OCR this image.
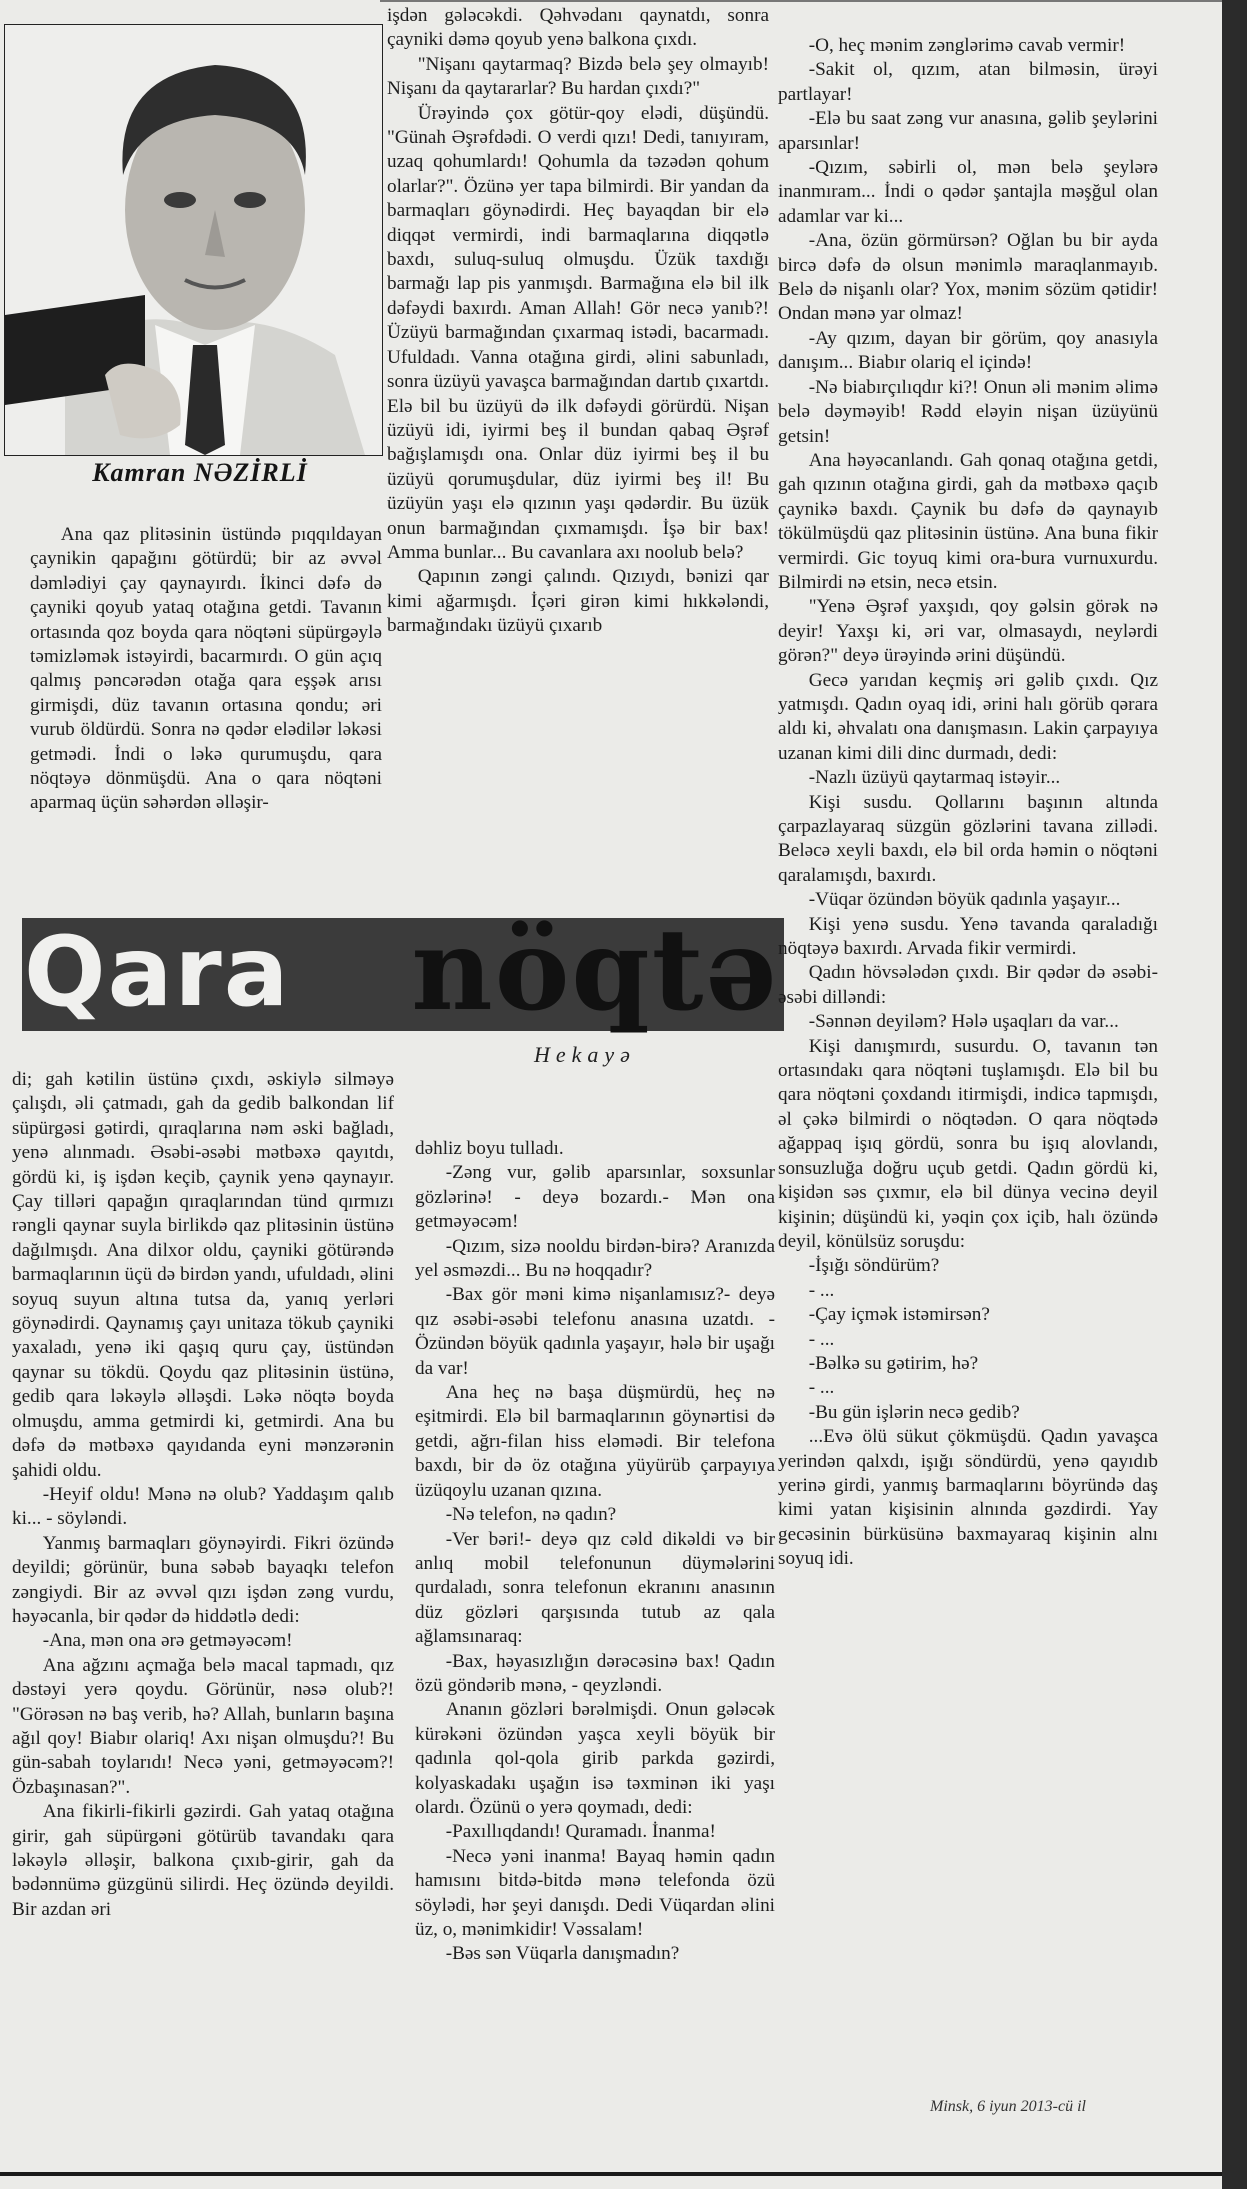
Kamran NƏZİRLİ

Ana qaz plitəsinin üstündə pıqqıldayan çaynikin qapağını götürdü; bir az əvvəl dəmlədiyi çay qaynayırdı. İkinci dəfə də çayniki qoyub yataq otağına getdi. Tavanın ortasında qoz boyda qara nöqtəni süpürgəylə təmizləmək istəyirdi, bacarmırdı. O gün açıq qalmış pəncərədən otağa qara eşşək arısı girmişdi, düz tavanın ortasına qondu; əri vurub öldürdü. Sonra nə qədər elədilər ləkəsi getmədi. İndi o ləkə qurumuşdu, qara nöqtəyə dönmüşdü. Ana o qara nöqtəni aparmaq üçün səhərdən əlləşir-

işdən gələcəkdi. Qəhvədanı qaynatdı, sonra çayniki dəmə qoyub yenə balkona çıxdı.

"Nişanı qaytarmaq? Bizdə belə şey olmayıb! Nişanı da qaytararlar? Bu hardan çıxdı?"

Ürəyində çox götür-qoy elədi, düşündü. "Günah Əşrəfdədi. O verdi qızı! Dedi, tanıyıram, uzaq qohumlardı! Qohumla da təzədən qohum olarlar?". Özünə yer tapa bilmirdi. Bir yandan da barmaqları göynədirdi. Heç bayaqdan bir elə diqqət vermirdi, indi barmaqlarına diqqətlə baxdı, suluq-suluq olmuşdu. Üzük taxdığı barmağı lap pis yanmışdı. Barmağına elə bil ilk dəfəydi baxırdı. Aman Allah! Gör necə yanıb?! Üzüyü barmağından çıxarmaq istədi, bacarmadı. Ufuldadı. Vanna otağına girdi, əlini sabunladı, sonra üzüyü yavaşca barmağından dartıb çıxartdı. Elə bil bu üzüyü də ilk dəfəydi görürdü. Nişan üzüyü idi, iyirmi beş il bundan qabaq Əşrəf bağışlamışdı ona. Onlar düz iyirmi beş il bu üzüyü qorumuşdular, düz iyirmi beş il! Bu üzüyün yaşı elə qızının yaşı qədərdir. Bu üzük onun barmağından çıxmamışdı. İşə bir bax! Amma bunlar... Bu cavanlara axı noolub belə?

Qapının zəngi çalındı. Qızıydı, bənizi qar kimi ağarmışdı. İçəri girən kimi hıkkələndi, barmağındakı üzüyü çıxarıb

Qara nöqtə
Hekayə

-O, heç mənim zənglərimə cavab vermir!

-Sakit ol, qızım, atan bilməsin, ürəyi partlayar!

-Elə bu saat zəng vur anasına, gəlib şeylərini aparsınlar!

-Qızım, səbirli ol, mən belə şeylərə inanmıram... İndi o qədər şantajla məşğul olan adamlar var ki...

-Ana, özün görmürsən? Oğlan bu bir ayda bircə dəfə də olsun mənimlə maraqlanmayıb. Belə də nişanlı olar? Yox, mənim sözüm qətidir! Ondan mənə yar olmaz!

-Ay qızım, dayan bir görüm, qoy anasıyla danışım... Biabır olariq el içində!

-Nə biabırçılıqdır ki?! Onun əli mənim əlimə belə dəyməyib! Rədd eləyin nişan üzüyünü getsin!

Ana həyəcanlandı. Gah qonaq otağına getdi, gah qızının otağına girdi, gah da mətbəxə qaçıb çaynikə baxdı. Çaynik bu dəfə də qaynayıb tökülmüşdü qaz plitəsinin üstünə. Ana buna fikir vermirdi. Gic toyuq kimi ora-bura vurnuxurdu. Bilmirdi nə etsin, necə etsin.

"Yenə Əşrəf yaxşıdı, qoy gəlsin görək nə deyir! Yaxşı ki, əri var, olmasaydı, neylərdi görən?" deyə ürəyində ərini düşündü.

Gecə yarıdan keçmiş əri gəlib çıxdı. Qız yatmışdı. Qadın oyaq idi, ərini halı görüb qərara aldı ki, əhvalatı ona danışmasın. Lakin çarpayıya uzanan kimi dili dinc durmadı, dedi:

-Nazlı üzüyü qaytarmaq istəyir...

Kişi susdu. Qollarını başının altında çarpazlayaraq süzgün gözlərini tavana zillədi. Beləcə xeyli baxdı, elə bil orda həmin o nöqtəni qaralamışdı, baxırdı.

-Vüqar özündən böyük qadınla yaşayır...

Kişi yenə susdu. Yenə tavanda qaraladığı nöqtəyə baxırdı. Arvada fikir vermirdi.

Qadın hövsələdən çıxdı. Bir qədər də əsəbi-əsəbi dilləndi:

-Sənnən deyiləm? Hələ uşaqları da var...

Kişi danışmırdı, susurdu. O, tavanın tən ortasındakı qara nöqtəni tuşlamışdı. Elə bil bu qara nöqtəni çoxdandı itirmişdi, indicə tapmışdı, əl çəkə bilmirdi o nöqtədən. O qara nöqtədə ağappaq işıq gördü, sonra bu işıq alovlandı, sonsuzluğa doğru uçub getdi. Qadın gördü ki, kişidən səs çıxmır, elə bil dünya vecinə deyil kişinin; düşündü ki, yəqin çox içib, halı özündə deyil, könülsüz soruşdu:

-İşığı söndürüm?

- ...

-Çay içmək istəmirsən?

- ...

-Bəlkə su gətirim, hə?

- ...

-Bu gün işlərin necə gedib?

...Evə ölü sükut çökmüşdü. Qadın yavaşca yerindən qalxdı, işığı söndürdü, yenə qayıdıb yerinə girdi, yanmış barmaqlarını böyründə daş kimi yatan kişisinin alnında gəzdirdi. Yay gecəsinin bürküsünə baxmayaraq kişinin alnı soyuq idi.

di; gah kətilin üstünə çıxdı, əskiylə silməyə çalışdı, əli çatmadı, gah da gedib balkondan lif süpürgəsi gətirdi, qıraqlarına nəm əski bağladı, yenə alınmadı. Əsəbi-əsəbi mətbəxə qayıtdı, gördü ki, iş işdən keçib, çaynik yenə qaynayır. Çay tilləri qapağın qıraqlarından tünd qırmızı rəngli qaynar suyla birlikdə qaz plitəsinin üstünə dağılmışdı. Ana dilxor oldu, çayniki götürəndə barmaqlarının üçü də birdən yandı, ufuldadı, əlini soyuq suyun altına tutsa da, yanıq yerləri göynədirdi. Qaynamış çayı unitaza tökub çayniki yaxaladı, yenə iki qaşıq quru çay, üstündən qaynar su tökdü. Qoydu qaz plitəsinin üstünə, gedib qara ləkəylə əlləşdi. Ləkə nöqtə boyda olmuşdu, amma getmirdi ki, getmirdi. Ana bu dəfə də mətbəxə qayıdanda eyni mənzərənin şahidi oldu.

-Heyif oldu! Mənə nə olub? Yaddaşım qalıb ki... - söyləndi.

Yanmış barmaqları göynəyirdi. Fikri özündə deyildi; görünür, buna səbəb bayaqkı telefon zəngiydi. Bir az əvvəl qızı işdən zəng vurdu, həyəcanla, bir qədər də hiddətlə dedi:

-Ana, mən ona ərə getməyəcəm!

Ana ağzını açmağa belə macal tapmadı, qız dəstəyi yerə qoydu. Görünür, nəsə olub?! "Görəsən nə baş verib, hə? Allah, bunların başına ağıl qoy! Biabır olariq! Axı nişan olmuşdu?! Bu gün-sabah toylarıdı! Necə yəni, getməyəcəm?! Özbaşınasan?".

Ana fikirli-fikirli gəzirdi. Gah yataq otağına girir, gah süpürgəni götürüb tavandakı qara ləkəylə əlləşir, balkona çıxıb-girir, gah da bədənnümə güzgünü silirdi. Heç özündə deyildi. Bir azdan əri

dəhliz boyu tulladı.

-Zəng vur, gəlib aparsınlar, soxsunlar gözlərinə! - deyə bozardı.- Mən ona getməyəcəm!

-Qızım, sizə nooldu birdən-birə? Aranızda yel əsməzdi... Bu nə hoqqadır?

-Bax gör məni kimə nişanlamısız?- deyə qız əsəbi-əsəbi telefonu anasına uzatdı. - Özündən böyük qadınla yaşayır, hələ bir uşağı da var!

Ana heç nə başa düşmürdü, heç nə eşitmirdi. Elə bil barmaqlarının göynərtisi də getdi, ağrı-filan hiss eləmədi. Bir telefona baxdı, bir də öz otağına yüyürüb çarpayıya üzüqoylu uzanan qızına.

-Nə telefon, nə qadın?

-Ver bəri!- deyə qız cəld dikəldi və bir anlıq mobil telefonunun düymələrini qurdaladı, sonra telefonun ekranını anasının düz gözləri qarşısında tutub az qala ağlamsınaraq:

-Bax, həyasızlığın dərəcəsinə bax! Qadın özü göndərib mənə, - qeyzləndi.

Ananın gözləri bərəlmişdi. Onun gələcək kürəkəni özündən yaşca xeyli böyük bir qadınla qol-qola girib parkda gəzirdi, kolyaskadakı uşağın isə təxminən iki yaşı olardı. Özünü o yerə qoymadı, dedi:

-Paxıllıqdandı! Quramadı. İnanma!

-Necə yəni inanma! Bayaq həmin qadın hamısını bitdə-bitdə mənə telefonda özü söylədi, hər şeyi danışdı. Dedi Vüqardan əlini üz, o, mənimkidir! Vəssalam!

-Bəs sən Vüqarla danışmadın?

Minsk, 6 iyun 2013-cü il
